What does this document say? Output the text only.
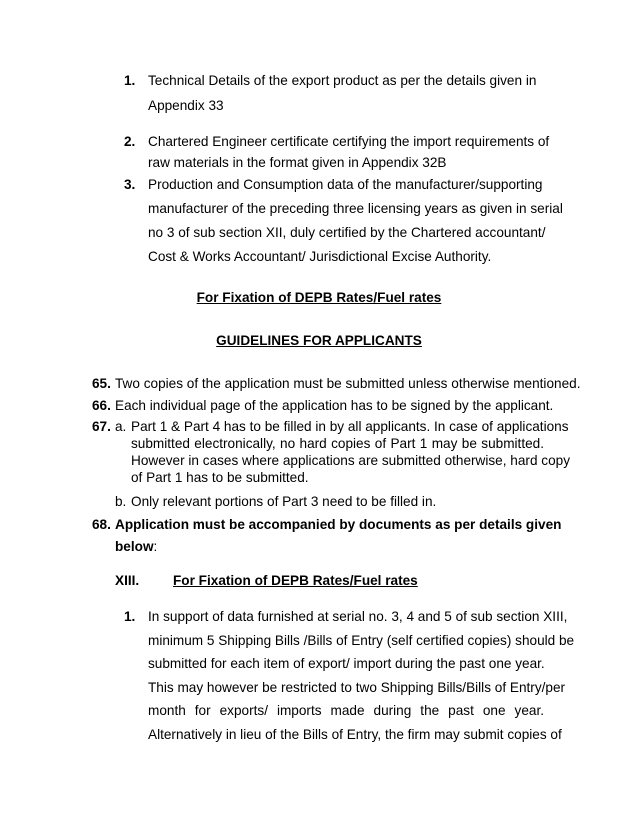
1. Technical Details of the export product as per the details given in
Appendix 33
2. Chartered Engineer certificate certifying the import requirements of
raw materials in the format given in Appendix 32B
3. Production and Consumption data of the manufacturer/supporting
manufacturer of the preceding three licensing years as given in serial
no 3 of sub section XII, duly certified by the Chartered accountant/
Cost & Works Accountant/ Jurisdictional Excise Authority.
For Fixation of DEPB Rates/Fuel rates
GUIDELINES FOR APPLICANTS
65. Two copies of the application must be submitted unless otherwise mentioned.
66. Each individual page of the application has to be signed by the applicant.
67. a. Part 1 & Part 4 has to be filled in by all applicants. In case of applications
submitted electronically, no hard copies of Part 1 may be submitted.
However in cases where applications are submitted otherwise, hard copy
of Part 1 has to be submitted.
b. Only relevant portions of Part 3 need to be filled in.
68. Application must be accompanied by documents as per details given
below:
XIII. For Fixation of DEPB Rates/Fuel rates
1. In support of data furnished at serial no. 3, 4 and 5 of sub section XIII,
minimum 5 Shipping Bills /Bills of Entry (self certified copies) should be
submitted for each item of export/ import during the past one year.
This may however be restricted to two Shipping Bills/Bills of Entry/per
month for exports/ imports made during the past one year.
Alternatively in lieu of the Bills of Entry, the firm may submit copies of
